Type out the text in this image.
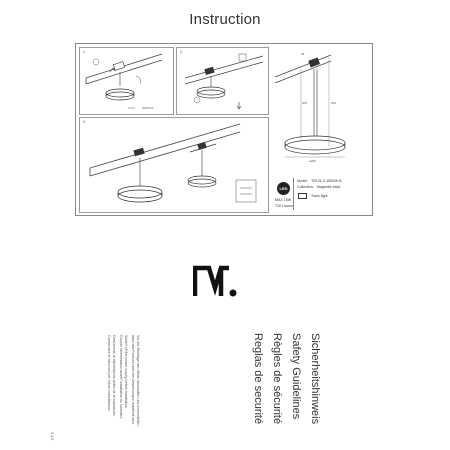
Instruction
1.
INSTALL
2.
3.
35
305	364
ø305
LED
MAX 15W
710 Lumen
Model: TR131-2-15W3K-B
Collection: Magnetic track
Track light
Sicherheitshinweis
Safety Guidelines
Règles de sécurité
Reglas de securité
Vor der Montage den Strom abschalten und sicherstellen,
dass das Produkt nach den Anweisungen installiert wird.
Switch off the power supply before installation.
Couper l'alimentation avant l'installation du luminaire.
Desconecte la alimentación antes de la instalación.
Conservare le istruzioni per future consultazioni.
V 1.0
